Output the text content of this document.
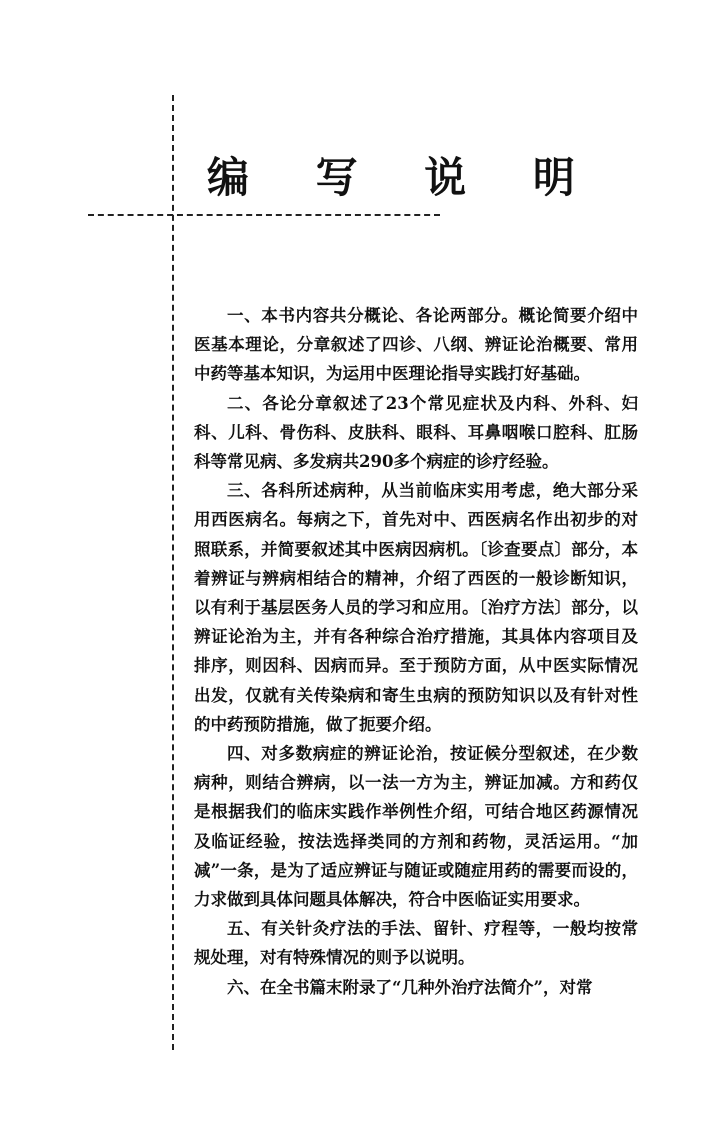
编 写 说 明

一、本书内容共分概论、各论两部分。概论简要介绍中医基本理论，分章叙述了四诊、八纲、辨证论治概要、常用中药等基本知识，为运用中医理论指导实践打好基础。

二、各论分章叙述了23个常见症状及内科、外科、妇科、儿科、骨伤科、皮肤科、眼科、耳鼻咽喉口腔科、肛肠科等常见病、多发病共290多个病症的诊疗经验。

三、各科所述病种，从当前临床实用考虑，绝大部分采用西医病名。每病之下，首先对中、西医病名作出初步的对照联系，并简要叙述其中医病因病机。〔诊查要点〕部分，本着辨证与辨病相结合的精神，介绍了西医的一般诊断知识，以有利于基层医务人员的学习和应用。〔治疗方法〕部分，以辨证论治为主，并有各种综合治疗措施，其具体内容项目及排序，则因科、因病而异。至于预防方面，从中医实际情况出发，仅就有关传染病和寄生虫病的预防知识以及有针对性的中药预防措施，做了扼要介绍。

四、对多数病症的辨证论治，按证候分型叙述，在少数病种，则结合辨病，以一法一方为主，辨证加减。方和药仅是根据我们的临床实践作举例性介绍，可结合地区药源情况及临证经验，按法选择类同的方剂和药物，灵活运用。“加减”一条，是为了适应辨证与随证或随症用药的需要而设的，力求做到具体问题具体解决，符合中医临证实用要求。

五、有关针灸疗法的手法、留针、疗程等，一般均按常规处理，对有特殊情况的则予以说明。

六、在全书篇末附录了“几种外治疗法简介”，对常
